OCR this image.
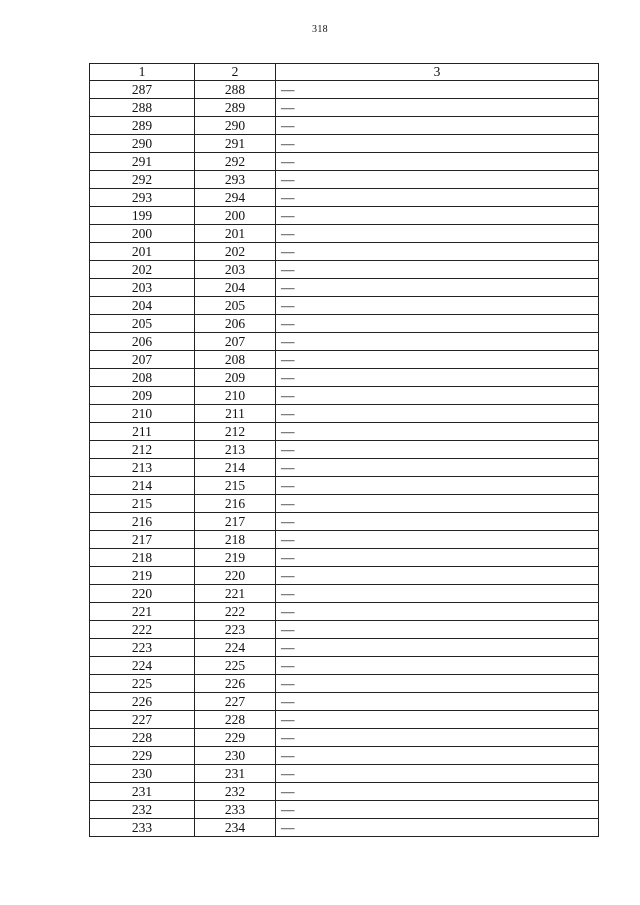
318
1	2	3
287	288	—
288	289	—
289	290	—
290	291	—
291	292	—
292	293	—
293	294	—
199	200	—
200	201	—
201	202	—
202	203	—
203	204	—
204	205	—
205	206	—
206	207	—
207	208	—
208	209	—
209	210	—
210	211	—
211	212	—
212	213	—
213	214	—
214	215	—
215	216	—
216	217	—
217	218	—
218	219	—
219	220	—
220	221	—
221	222	—
222	223	—
223	224	—
224	225	—
225	226	—
226	227	—
227	228	—
228	229	—
229	230	—
230	231	—
231	232	—
232	233	—
233	234	—
